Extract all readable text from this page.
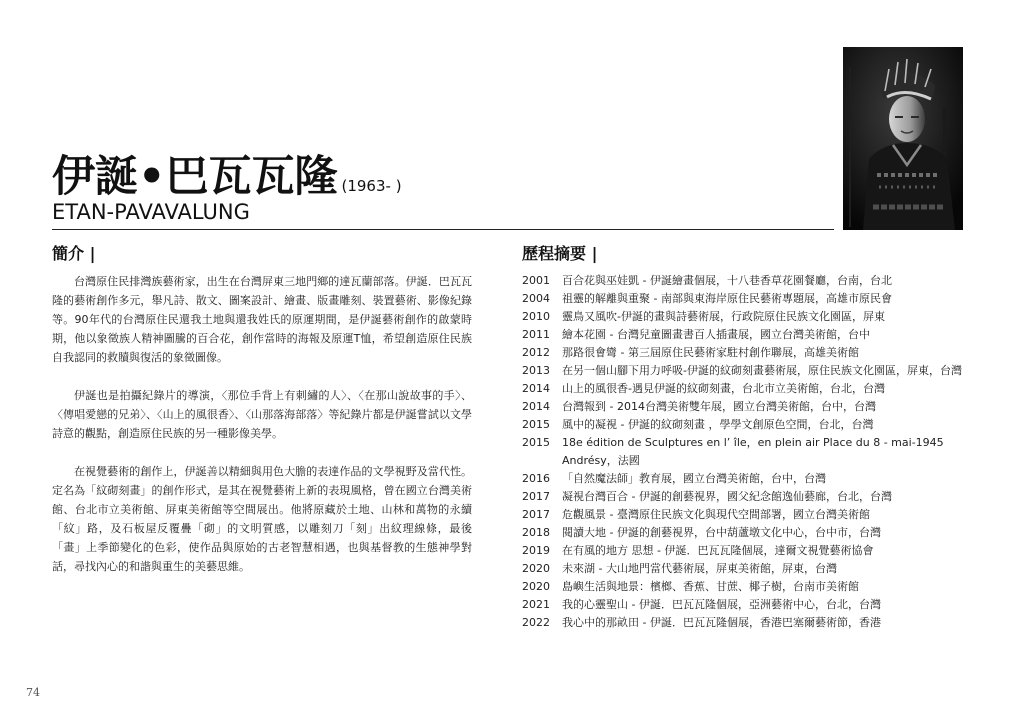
伊誕•巴瓦瓦隆 (1963- )
ETAN-PAVAVALUNG
簡介 |	歷程摘要 |

台灣原住民排灣族藝術家，出生在台灣屏東三地門鄉的達瓦蘭部落。伊誕．巴瓦瓦隆的藝術創作多元，舉凡詩、散文、圖案設計、繪畫、版畫雕刻、裝置藝術、影像紀錄等。90年代的台灣原住民還我土地與還我姓氏的原運期間，是伊誕藝術創作的啟蒙時期，他以象徵族人精神圖騰的百合花，創作當時的海報及原運T恤，希望創造原住民族自我認同的救贖與復活的象徵圖像。

伊誕也是拍攝紀錄片的導演，〈那位手背上有刺繡的人〉、〈在那山說故事的手〉、〈傳唱愛戀的兄弟〉、〈山上的風很香〉、〈山那落海部落〉等紀錄片都是伊誕嘗試以文學詩意的觀點，創造原住民族的另一種影像美學。

在視覺藝術的創作上，伊誕善以精細與用色大膽的表達作品的文學視野及當代性。定名為「紋砌刻畫」的創作形式，是其在視覺藝術上新的表現風格，曾在國立台灣美術館、台北市立美術館、屏東美術館等空間展出。他將原藏於土地、山林和萬物的永續「紋」路，及石板屋反覆疊「砌」的文明質感，以雕刻刀「刻」出紋理線條，最後「畫」上季節變化的色彩，使作品與原始的古老智慧相遇，也與基督教的生態神學對話，尋找內心的和諧與重生的美藝思維。

2001	百合花與巫娃凱 - 伊誕繪畫個展，十八巷香草花園餐廳，台南，台北
2004	祖靈的解離與重聚 - 南部與東海岸原住民藝術專題展，高雄市原民會
2010	靈鳥又風吹-伊誕的畫與詩藝術展，行政院原住民族文化園區，屏東
2011	繪本花園 - 台灣兒童圖畫書百人插畫展，國立台灣美術館，台中
2012	那路很會彎 - 第三屆原住民藝術家駐村創作聯展，高雄美術館
2013	在另一個山腳下用力呼吸-伊誕的紋砌刻畫藝術展，原住民族文化園區，屏東，台灣
2014	山上的風很香-遇見伊誕的紋砌刻畫，台北市立美術館，台北，台灣
2014	台灣報到 - 2014台灣美術雙年展，國立台灣美術館，台中，台灣
2015	風中的凝視 - 伊誕的紋砌刻畫 ，學學文創原色空間，台北，台灣
2015	18e édition de Sculptures en l’ île，en plein air Place du 8 - mai-1945 Andrésy，法國
2016	「自然魔法師」教育展，國立台灣美術館，台中，台灣
2017	凝視台灣百合 - 伊誕的創藝視界，國父紀念館逸仙藝廊，台北，台灣
2017	危觀風景 - 臺灣原住民族文化與現代空間部署，國立台灣美術館
2018	閱讀大地 - 伊誕的創藝視界，台中葫蘆墩文化中心，台中市，台灣
2019	在有風的地方 思想 - 伊誕．巴瓦瓦隆個展，達爾文視覺藝術協會
2020	未來湖 - 大山地門當代藝術展，屏東美術館，屏東，台灣
2020	島嶼生活與地景：檳榔、香蕉、甘蔗、椰子樹，台南市美術館
2021	我的心靈聖山 - 伊誕．巴瓦瓦隆個展，亞洲藝術中心，台北，台灣
2022	我心中的那畝田 - 伊誕．巴瓦瓦隆個展，香港巴塞爾藝術節，香港
74
